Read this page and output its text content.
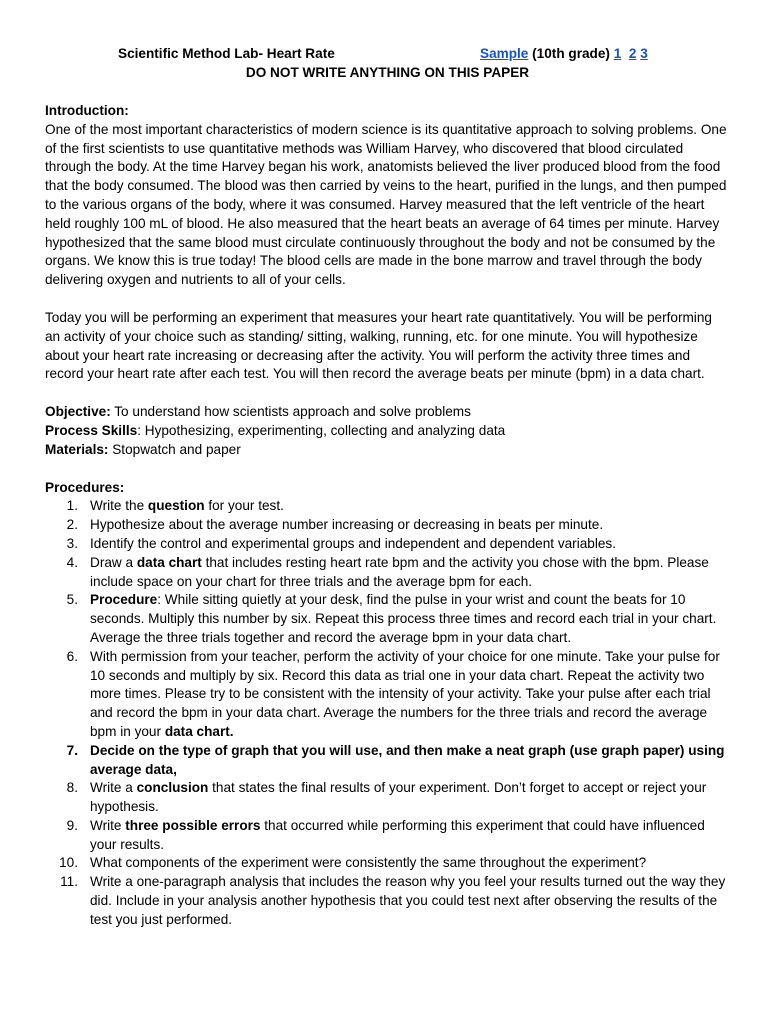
Scientific Method Lab- Heart Rate	Sample (10th grade) 1 2 3
DO NOT WRITE ANYTHING ON THIS PAPER
Introduction:

One of the most important characteristics of modern science is its quantitative approach to solving problems. One of the first scientists to use quantitative methods was William Harvey, who discovered that blood circulated through the body. At the time Harvey began his work, anatomists believed the liver produced blood from the food that the body consumed. The blood was then carried by veins to the heart, purified in the lungs, and then pumped to the various organs of the body, where it was consumed. Harvey measured that the left ventricle of the heart held roughly 100 mL of blood. He also measured that the heart beats an average of 64 times per minute. Harvey hypothesized that the same blood must circulate continuously throughout the body and not be consumed by the organs. We know this is true today! The blood cells are made in the bone marrow and travel through the body delivering oxygen and nutrients to all of your cells.

Today you will be performing an experiment that measures your heart rate quantitatively. You will be performing an activity of your choice such as standing/ sitting, walking, running, etc. for one minute. You will hypothesize about your heart rate increasing or decreasing after the activity. You will perform the activity three times and record your heart rate after each test. You will then record the average beats per minute (bpm) in a data chart.

Objective: To understand how scientists approach and solve problems
Process Skills: Hypothesizing, experimenting, collecting and analyzing data
Materials: Stopwatch and paper
Procedures:
1. Write the question for your test.
2. Hypothesize about the average number increasing or decreasing in beats per minute.
3. Identify the control and experimental groups and independent and dependent variables.
4. Draw a data chart that includes resting heart rate bpm and the activity you chose with the bpm. Please include space on your chart for three trials and the average bpm for each.
5. Procedure: While sitting quietly at your desk, find the pulse in your wrist and count the beats for 10 seconds. Multiply this number by six. Repeat this process three times and record each trial in your chart. Average the three trials together and record the average bpm in your data chart.
6. With permission from your teacher, perform the activity of your choice for one minute. Take your pulse for 10 seconds and multiply by six. Record this data as trial one in your data chart. Repeat the activity two more times. Please try to be consistent with the intensity of your activity. Take your pulse after each trial and record the bpm in your data chart. Average the numbers for the three trials and record the average bpm in your data chart.
7. Decide on the type of graph that you will use, and then make a neat graph (use graph paper) using average data,
8. Write a conclusion that states the final results of your experiment. Don’t forget to accept or reject your hypothesis.
9. Write three possible errors that occurred while performing this experiment that could have influenced your results.
10. What components of the experiment were consistently the same throughout the experiment?
11. Write a one-paragraph analysis that includes the reason why you feel your results turned out the way they did. Include in your analysis another hypothesis that you could test next after observing the results of the test you just performed.
